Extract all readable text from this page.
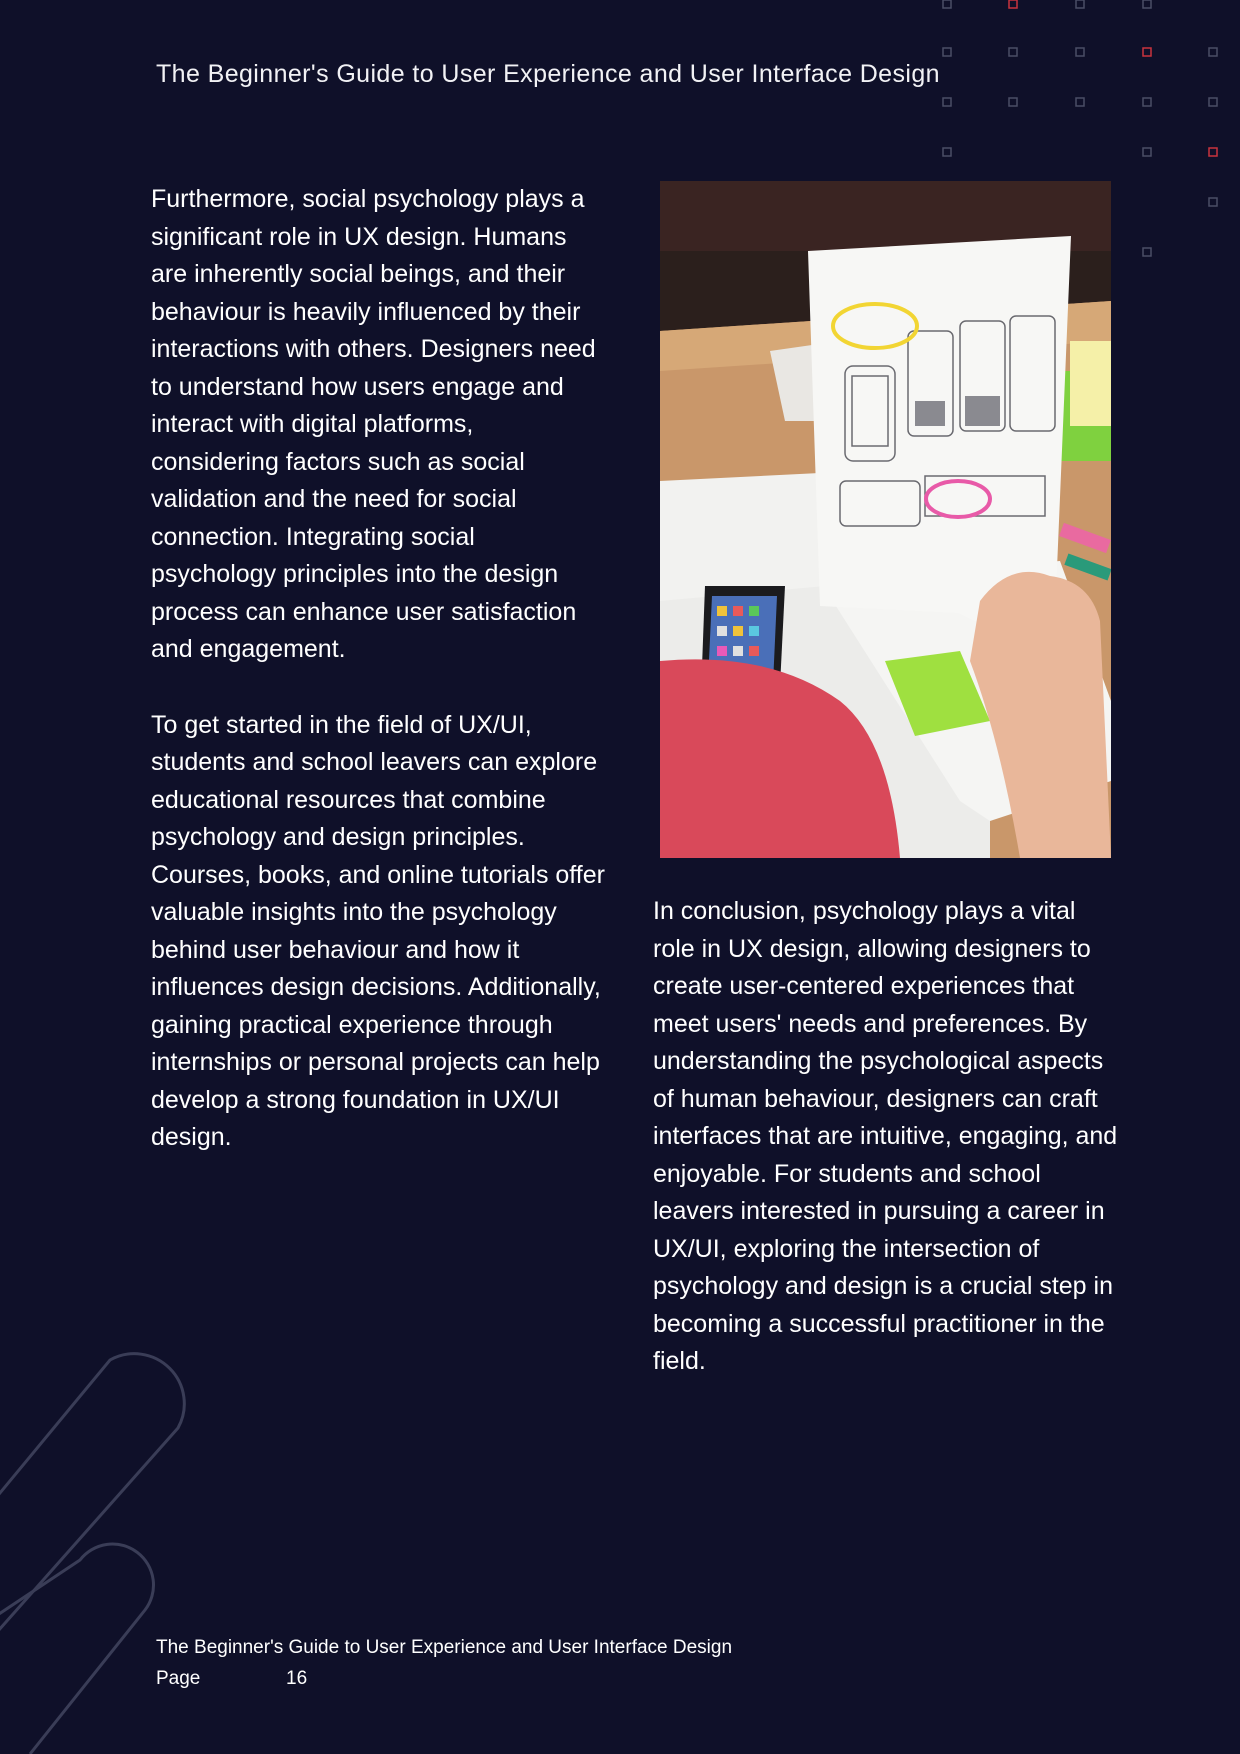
The Beginner's Guide to User Experience and User Interface Design

Furthermore, social psychology plays a significant role in UX design. Humans are inherently social beings, and their behaviour is heavily influenced by their interactions with others. Designers need to understand how users engage and interact with digital platforms, considering factors such as social validation and the need for social connection. Integrating social psychology principles into the design process can enhance user satisfaction and engagement.

To get started in the field of UX/UI, students and school leavers can explore educational resources that combine psychology and design principles. Courses, books, and online tutorials offer valuable insights into the psychology behind user behaviour and how it influences design decisions. Additionally, gaining practical experience through internships or personal projects can help develop a strong foundation in UX/UI design.

In conclusion, psychology plays a vital role in UX design, allowing designers to create user-centered experiences that meet users' needs and preferences. By understanding the psychological aspects of human behaviour, designers can craft interfaces that are intuitive, engaging, and enjoyable. For students and school leavers interested in pursuing a career in UX/UI, exploring the intersection of psychology and design is a crucial step in becoming a successful practitioner in the field.

The Beginner's Guide to User Experience and User Interface Design
Page	16
